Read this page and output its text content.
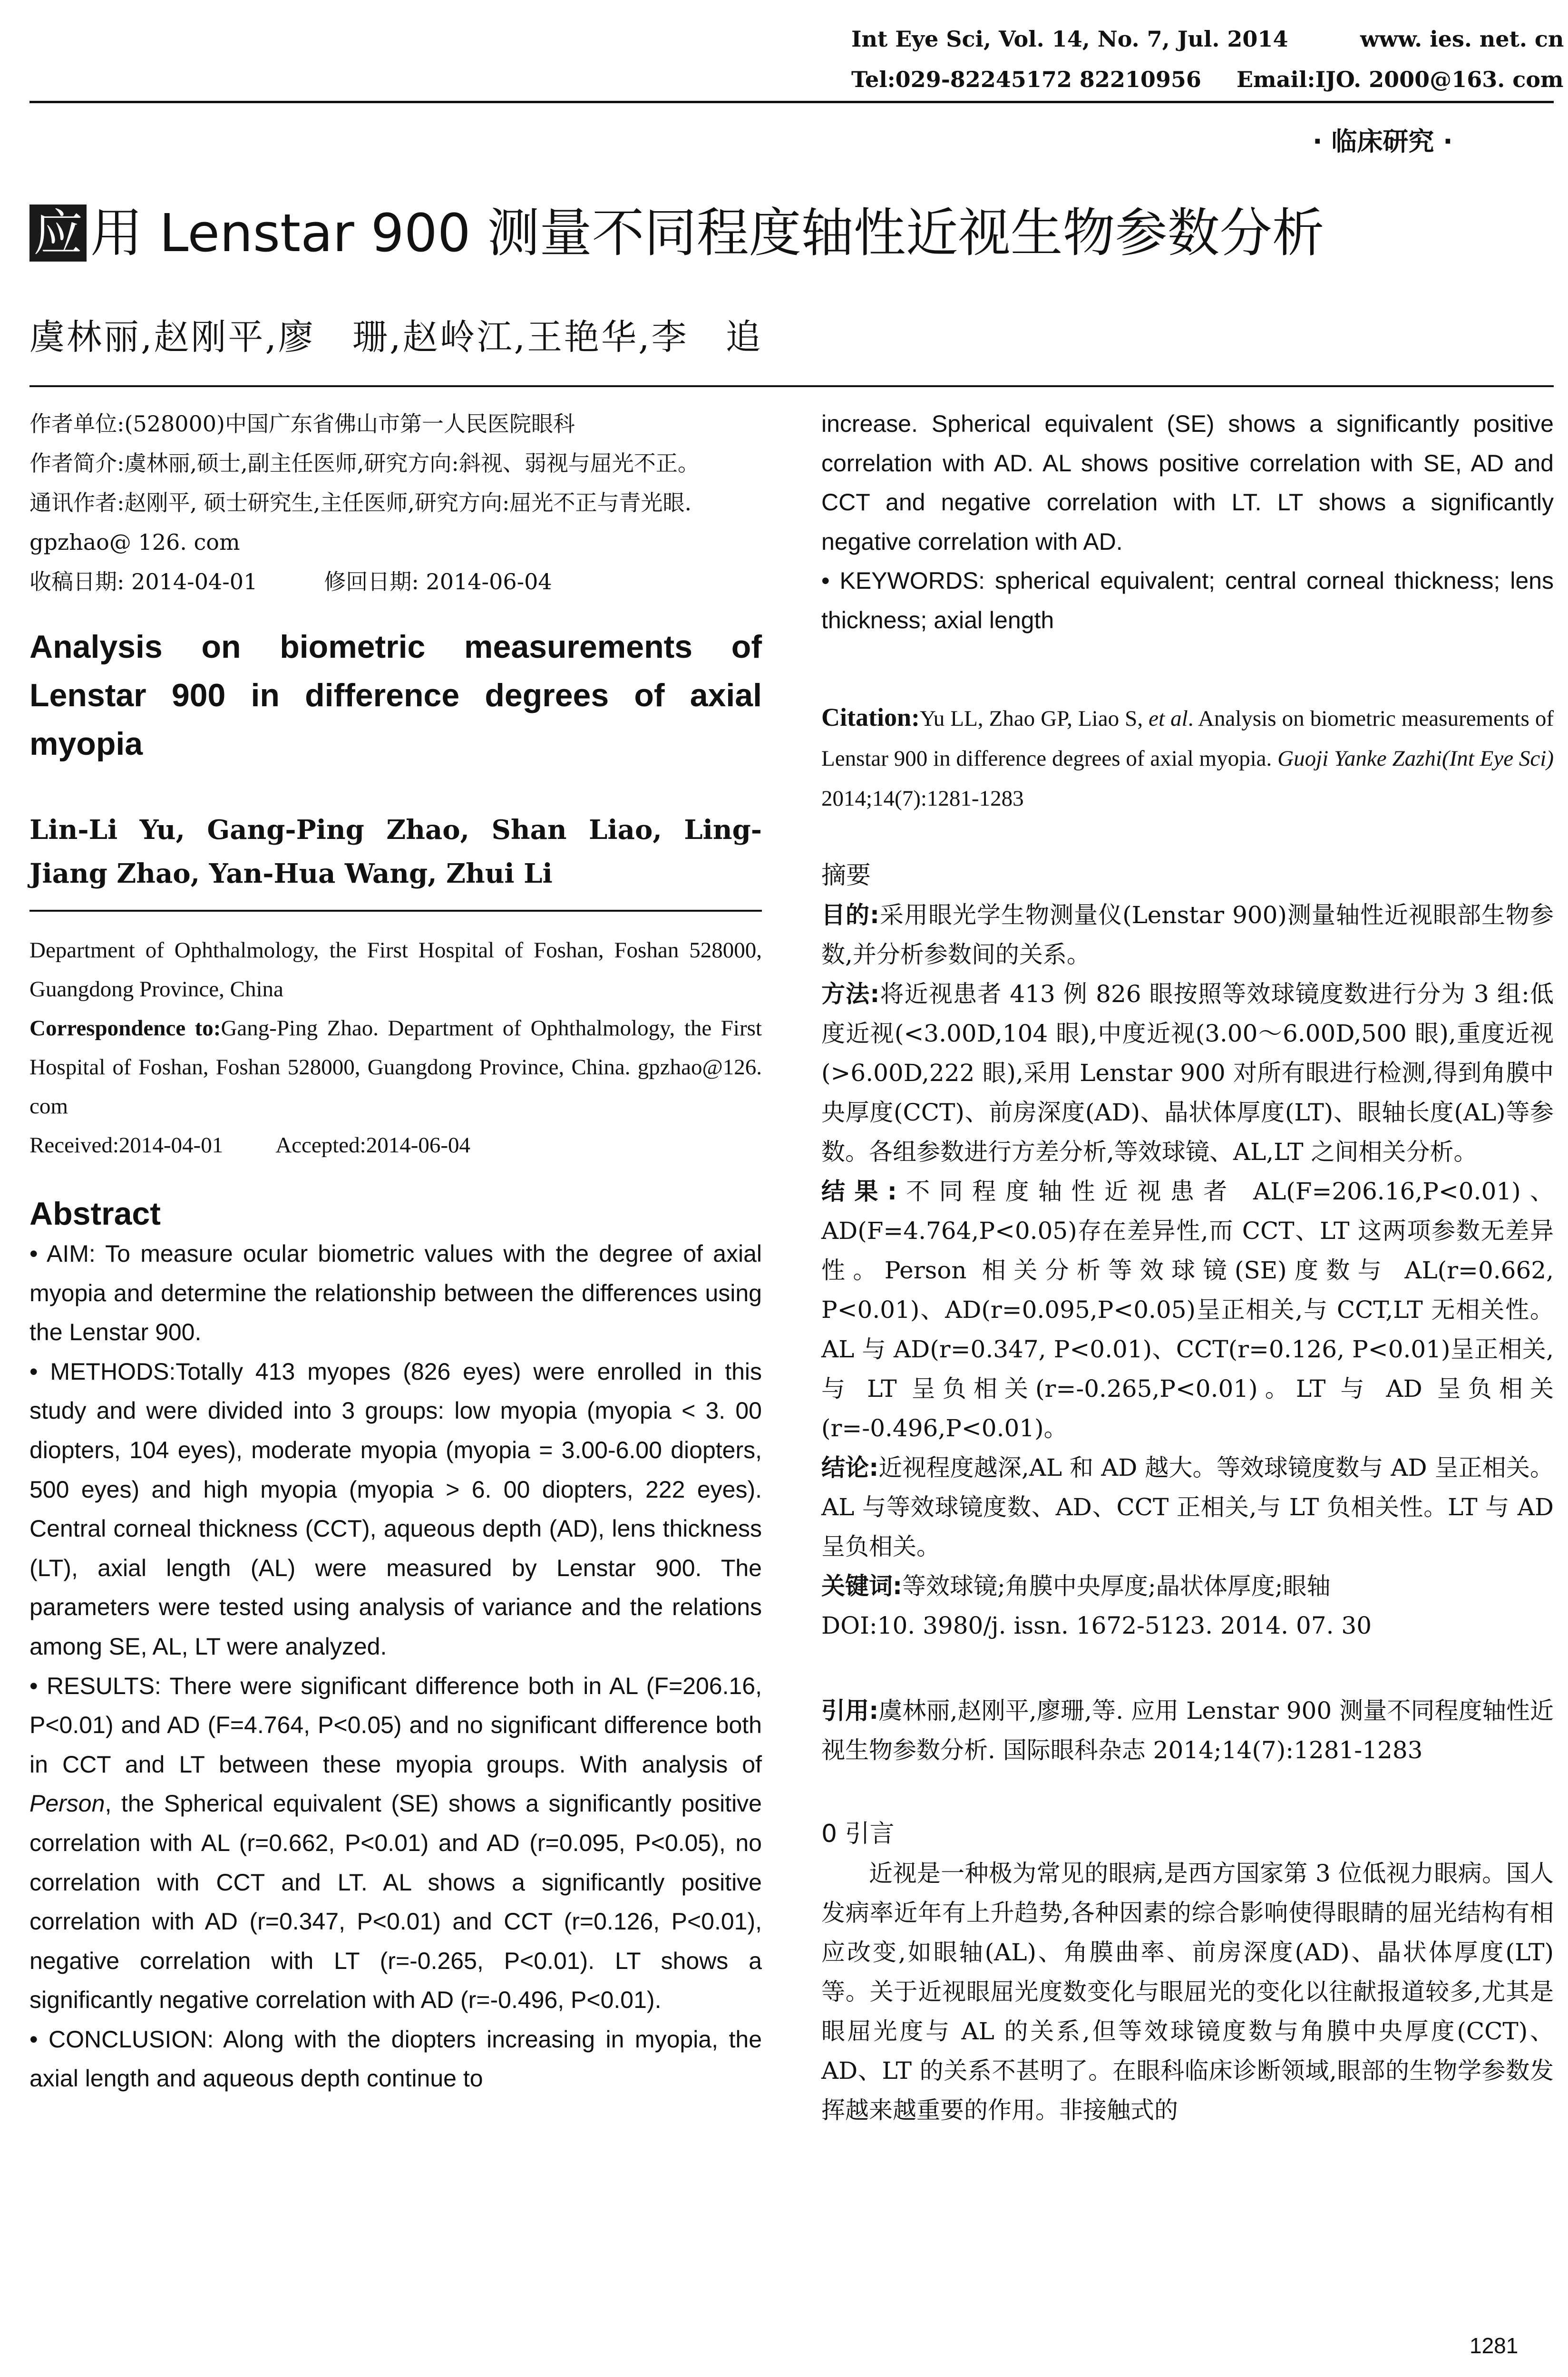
Int Eye Sci, Vol. 14, No. 7, Jul. 2014	www. ies. net. cn
Tel:029-82245172 82210956 Email:IJO. 2000@163. com
· 临床研究 ·
应 用 Lenstar 900 测量不同程度轴性近视生物参数分析
虞林丽,赵刚平,廖　珊,赵岭江,王艳华,李　追

作者单位:(528000)中国广东省佛山市第一人民医院眼科

作者简介:虞林丽,硕士,副主任医师,研究方向:斜视、弱视与屈光不正。

通讯作者:赵刚平, 硕士研究生,主任医师,研究方向:屈光不正与青光眼. gpzhao@ 126. com

收稿日期: 2014-04-01	修回日期: 2014-06-04

Analysis on biometric measurements of Lenstar 900 in difference degrees of axial myopia

Lin-Li Yu, Gang-Ping Zhao, Shan Liao, Ling-Jiang Zhao, Yan-Hua Wang, Zhui Li

Department of Ophthalmology, the First Hospital of Foshan, Foshan 528000, Guangdong Province, China

Correspondence to:Gang-Ping Zhao. Department of Ophthalmology, the First Hospital of Foshan, Foshan 528000, Guangdong Province, China. gpzhao@126. com

Received:2014-04-01 Accepted:2014-06-04

Abstract
• AIM: To measure ocular biometric values with the degree of axial myopia and determine the relationship between the differences using the Lenstar 900.
• METHODS:Totally 413 myopes (826 eyes) were enrolled in this study and were divided into 3 groups: low myopia (myopia < 3. 00 diopters, 104 eyes), moderate myopia (myopia = 3.00-6.00 diopters, 500 eyes) and high myopia (myopia > 6. 00 diopters, 222 eyes). Central corneal thickness (CCT), aqueous depth (AD), lens thickness (LT), axial length (AL) were measured by Lenstar 900. The parameters were tested using analysis of variance and the relations among SE, AL, LT were analyzed.
• RESULTS: There were significant difference both in AL (F=206.16, P<0.01) and AD (F=4.764, P<0.05) and no significant difference both in CCT and LT between these myopia groups. With analysis of Person, the Spherical equivalent (SE) shows a significantly positive correlation with AL (r=0.662, P<0.01) and AD (r=0.095, P<0.05), no correlation with CCT and LT. AL shows a significantly positive correlation with AD (r=0.347, P<0.01) and CCT (r=0.126, P<0.01), negative correlation with LT (r=-0.265, P<0.01). LT shows a significantly negative correlation with AD (r=-0.496, P<0.01).
• CONCLUSION: Along with the diopters increasing in myopia, the axial length and aqueous depth continue to

increase. Spherical equivalent (SE) shows a significantly positive correlation with AD. AL shows positive correlation with SE, AD and CCT and negative correlation with LT. LT shows a significantly negative correlation with AD.

• KEYWORDS: spherical equivalent; central corneal thickness; lens thickness; axial length

Citation:Yu LL, Zhao GP, Liao S, et al. Analysis on biometric measurements of Lenstar 900 in difference degrees of axial myopia. Guoji Yanke Zazhi(Int Eye Sci) 2014;14(7):1281-1283

摘要
目的:采用眼光学生物测量仪(Lenstar 900)测量轴性近视眼部生物参数,并分析参数间的关系。
方法:将近视患者 413 例 826 眼按照等效球镜度数进行分为 3 组:低度近视(<3.00D,104 眼),中度近视(3.00～6.00D,500 眼),重度近视(>6.00D,222 眼),采用 Lenstar 900 对所有眼进行检测,得到角膜中央厚度(CCT)、前房深度(AD)、晶状体厚度(LT)、眼轴长度(AL)等参数。各组参数进行方差分析,等效球镜、AL,LT 之间相关分析。
结果:不同程度轴性近视患者 AL(F=206.16,P<0.01)、AD(F=4.764,P<0.05)存在差异性,而 CCT、LT 这两项参数无差异性。Person 相关分析等效球镜(SE)度数与 AL(r=0.662, P<0.01)、AD(r=0.095,P<0.05)呈正相关,与 CCT,LT 无相关性。AL 与 AD(r=0.347, P<0.01)、CCT(r=0.126, P<0.01)呈正相关,与 LT 呈负相关(r=-0.265,P<0.01)。LT 与 AD 呈负相关(r=-0.496,P<0.01)。
结论:近视程度越深,AL 和 AD 越大。等效球镜度数与 AD 呈正相关。AL 与等效球镜度数、AD、CCT 正相关,与 LT 负相关性。LT 与 AD 呈负相关。
关键词:等效球镜;角膜中央厚度;晶状体厚度;眼轴
DOI:10. 3980/j. issn. 1672-5123. 2014. 07. 30
引用:虞林丽,赵刚平,廖珊,等. 应用 Lenstar 900 测量不同程度轴性近视生物参数分析. 国际眼科杂志 2014;14(7):1281-1283
0 引言
近视是一种极为常见的眼病,是西方国家第 3 位低视力眼病。国人发病率近年有上升趋势,各种因素的综合影响使得眼睛的屈光结构有相应改变,如眼轴(AL)、角膜曲率、前房深度(AD)、晶状体厚度(LT)等。关于近视眼屈光度数变化与眼屈光的变化以往献报道较多,尤其是眼屈光度与 AL 的关系,但等效球镜度数与角膜中央厚度(CCT)、AD、LT 的关系不甚明了。在眼科临床诊断领域,眼部的生物学参数发挥越来越重要的作用。非接触式的
1281
